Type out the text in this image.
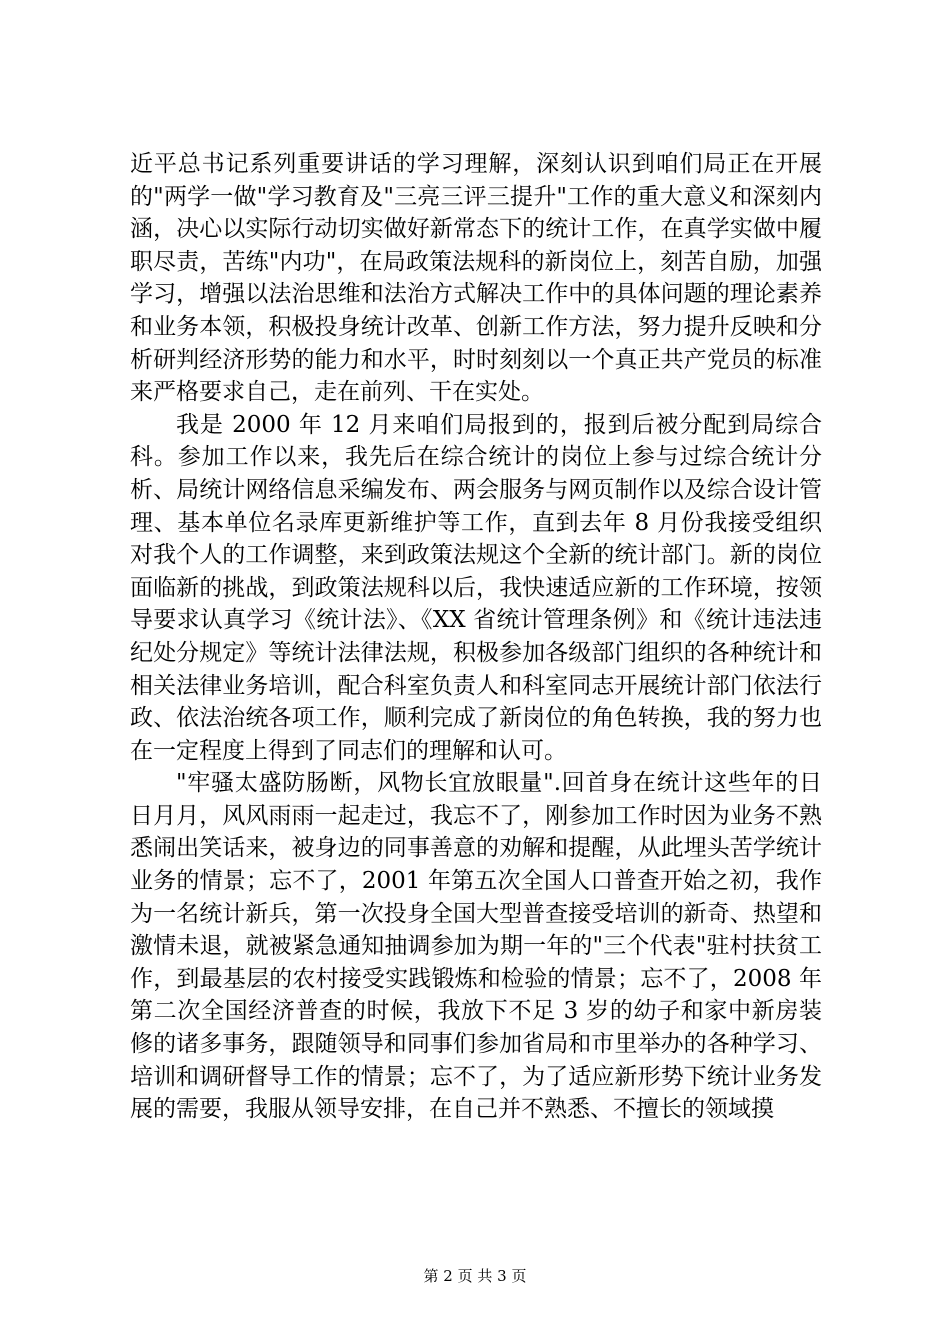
近平总书记系列重要讲话的学习理解，深刻认识到咱们局正在开展的"两学一做"学习教育及"三亮三评三提升"工作的重大意义和深刻内涵，决心以实际行动切实做好新常态下的统计工作，在真学实做中履职尽责，苦练"内功"，在局政策法规科的新岗位上，刻苦自励，加强学习，增强以法治思维和法治方式解决工作中的具体问题的理论素养和业务本领，积极投身统计改革、创新工作方法，努力提升反映和分析研判经济形势的能力和水平，时时刻刻以一个真正共产党员的标准来严格要求自己，走在前列、干在实处。

我是 2000 年 12 月来咱们局报到的，报到后被分配到局综合科。参加工作以来，我先后在综合统计的岗位上参与过综合统计分析、局统计网络信息采编发布、两会服务与网页制作以及综合设计管理、基本单位名录库更新维护等工作，直到去年 8 月份我接受组织对我个人的工作调整，来到政策法规这个全新的统计部门。新的岗位面临新的挑战，到政策法规科以后，我快速适应新的工作环境，按领导要求认真学习《统计法》、《XX 省统计管理条例》和《统计违法违纪处分规定》等统计法律法规，积极参加各级部门组织的各种统计和相关法律业务培训，配合科室负责人和科室同志开展统计部门依法行政、依法治统各项工作，顺利完成了新岗位的角色转换，我的努力也在一定程度上得到了同志们的理解和认可。

"牢骚太盛防肠断，风物长宜放眼量".回首身在统计这些年的日日月月，风风雨雨一起走过，我忘不了，刚参加工作时因为业务不熟悉闹出笑话来，被身边的同事善意的劝解和提醒，从此埋头苦学统计业务的情景；忘不了，2001 年第五次全国人口普查开始之初，我作为一名统计新兵，第一次投身全国大型普查接受培训的新奇、热望和激情未退，就被紧急通知抽调参加为期一年的"三个代表"驻村扶贫工作，到最基层的农村接受实践锻炼和检验的情景；忘不了，2008 年第二次全国经济普查的时候，我放下不足 3 岁的幼子和家中新房装修的诸多事务，跟随领导和同事们参加省局和市里举办的各种学习、培训和调研督导工作的情景；忘不了，为了适应新形势下统计业务发展的需要，我服从领导安排，在自己并不熟悉、不擅长的领域摸

第 2 页 共 3 页
